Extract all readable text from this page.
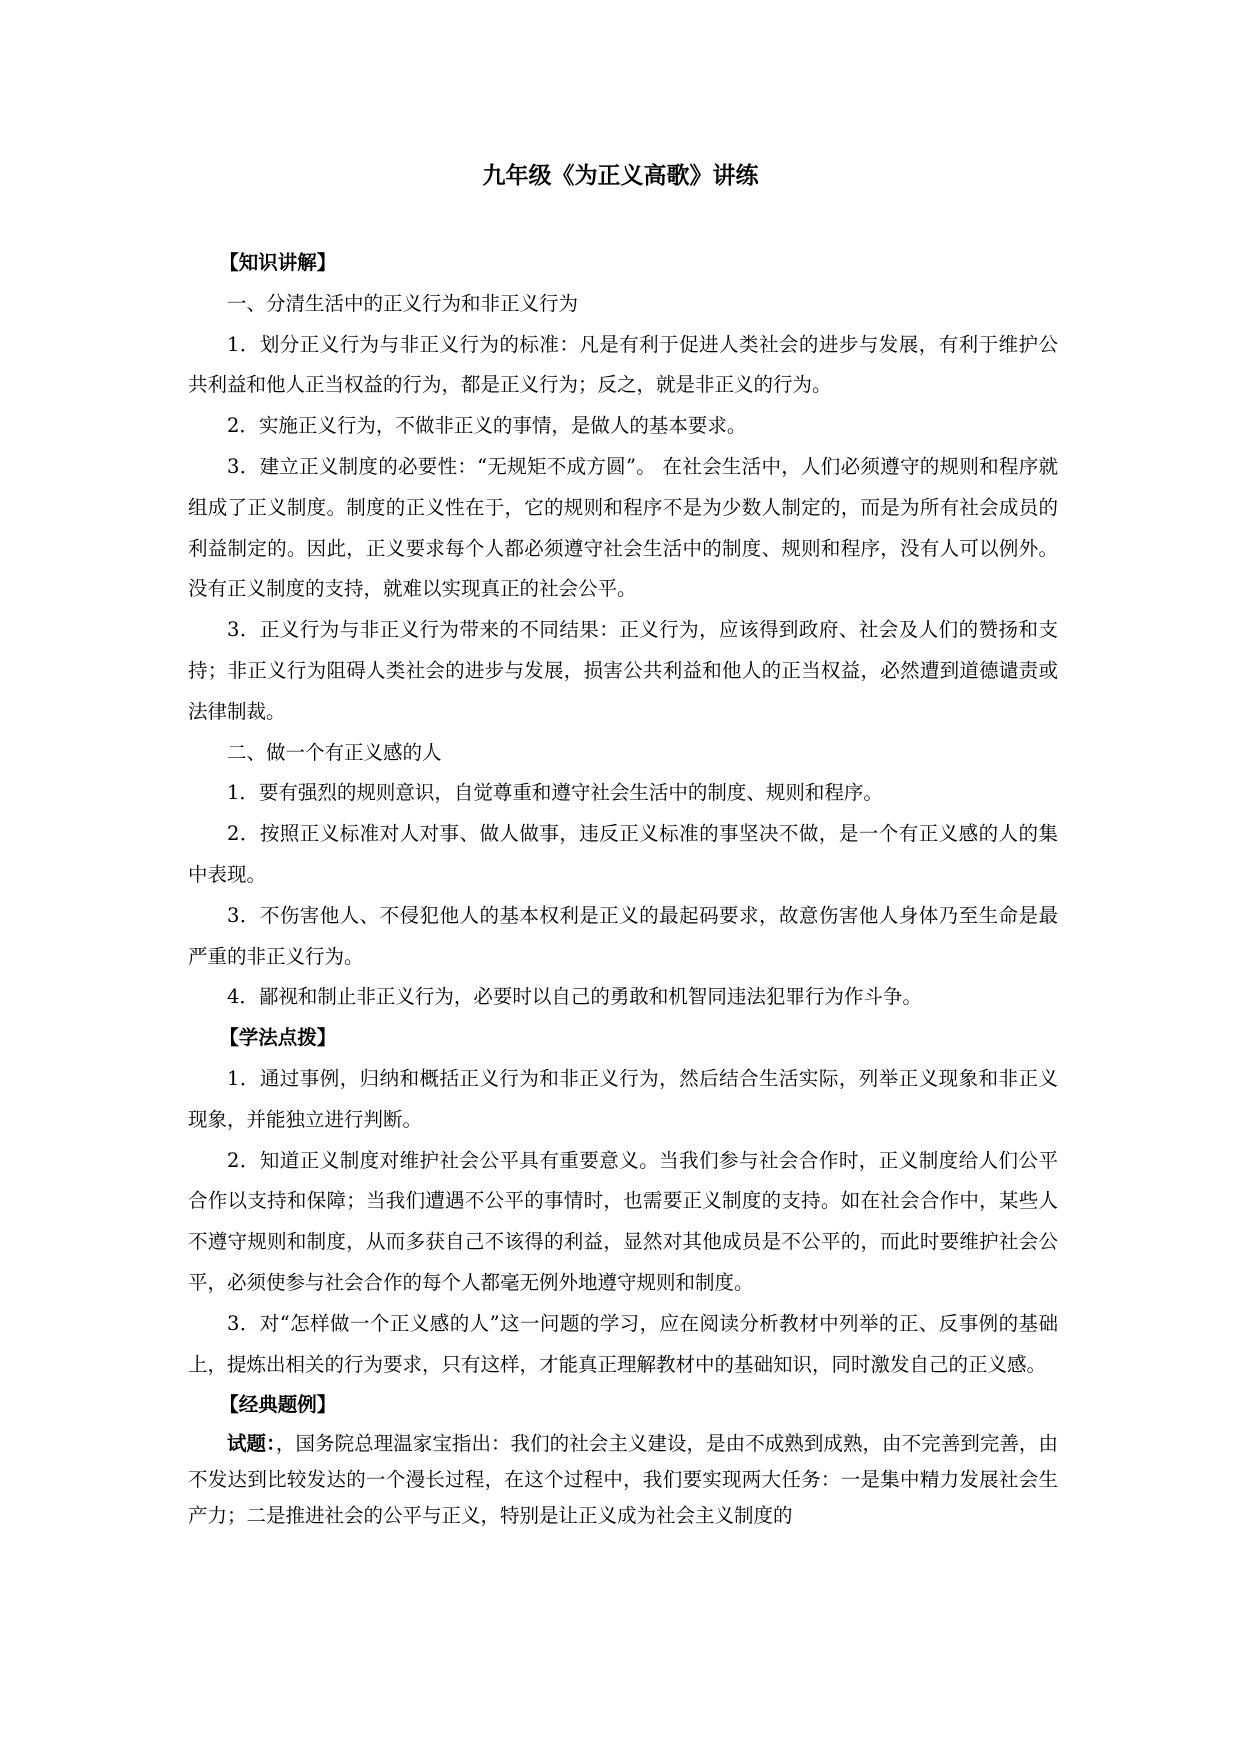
九年级《为正义高歌》讲练

【知识讲解】

一、分清生活中的正义行为和非正义行为

1．划分正义行为与非正义行为的标准：凡是有利于促进人类社会的进步与发展，有利于维护公共利益和他人正当权益的行为，都是正义行为；反之，就是非正义的行为。

2．实施正义行为，不做非正义的事情，是做人的基本要求。

3．建立正义制度的必要性：“无规矩不成方圆”。 在社会生活中，人们必须遵守的规则和程序就组成了正义制度。制度的正义性在于，它的规则和程序不是为少数人制定的，而是为所有社会成员的利益制定的。因此，正义要求每个人都必须遵守社会生活中的制度、规则和程序，没有人可以例外。没有正义制度的支持，就难以实现真正的社会公平。

3．正义行为与非正义行为带来的不同结果：正义行为，应该得到政府、社会及人们的赞扬和支持；非正义行为阻碍人类社会的进步与发展，损害公共利益和他人的正当权益，必然遭到道德谴责或法律制裁。

二、做一个有正义感的人

1．要有强烈的规则意识，自觉尊重和遵守社会生活中的制度、规则和程序。

2．按照正义标准对人对事、做人做事，违反正义标准的事坚决不做，是一个有正义感的人的集中表现。

3．不伤害他人、不侵犯他人的基本权利是正义的最起码要求，故意伤害他人身体乃至生命是最严重的非正义行为。

4．鄙视和制止非正义行为，必要时以自己的勇敢和机智同违法犯罪行为作斗争。

【学法点拨】

1．通过事例，归纳和概括正义行为和非正义行为，然后结合生活实际，列举正义现象和非正义现象，并能独立进行判断。

2．知道正义制度对维护社会公平具有重要意义。当我们参与社会合作时，正义制度给人们公平合作以支持和保障；当我们遭遇不公平的事情时，也需要正义制度的支持。如在社会合作中，某些人不遵守规则和制度，从而多获自己不该得的利益，显然对其他成员是不公平的，而此时要维护社会公平，必须使参与社会合作的每个人都毫无例外地遵守规则和制度。

3．对“怎样做一个正义感的人”这一问题的学习，应在阅读分析教材中列举的正、反事例的基础上，提炼出相关的行为要求，只有这样，才能真正理解教材中的基础知识，同时激发自己的正义感。

【经典题例】

试题：，国务院总理温家宝指出：我们的社会主义建设，是由不成熟到成熟，由不完善到完善，由不发达到比较发达的一个漫长过程，在这个过程中，我们要实现两大任务：一是集中精力发展社会生产力；二是推进社会的公平与正义，特别是让正义成为社会主义制度的
